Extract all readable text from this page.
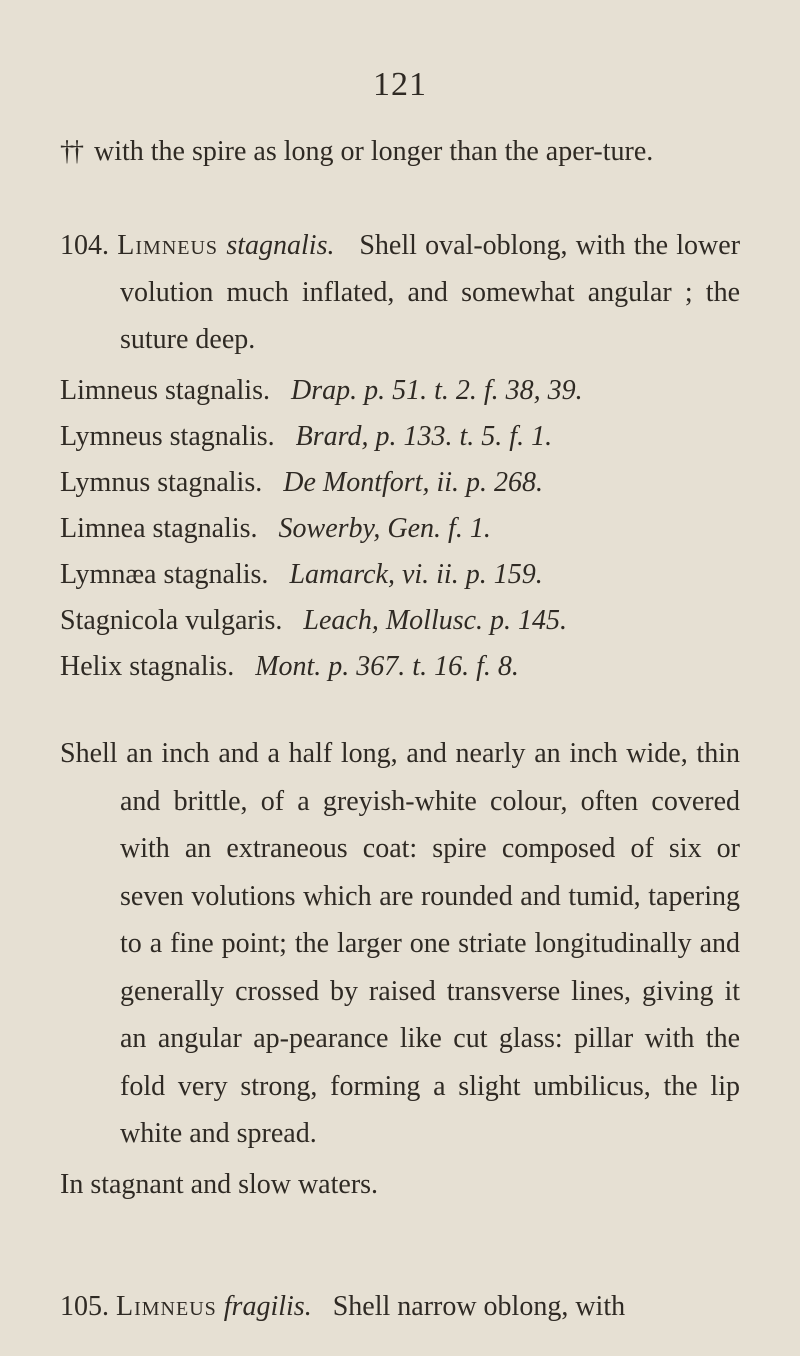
121

†† with the spire as long or longer than the aper-ture.

104. Limneus stagnalis. Shell oval-oblong, with the lower volution much inflated, and somewhat angular ; the suture deep.

Limneus stagnalis. Drap. p. 51. t. 2. f. 38, 39.
Lymneus stagnalis. Brard, p. 133. t. 5. f. 1.
Lymnus stagnalis. De Montfort, ii. p. 268.
Limnea stagnalis. Sowerby, Gen. f. 1.
Lymnæa stagnalis. Lamarck, vi. ii. p. 159.
Stagnicola vulgaris. Leach, Mollusc. p. 145.
Helix stagnalis. Mont. p. 367. t. 16. f. 8.

Shell an inch and a half long, and nearly an inch wide, thin and brittle, of a greyish-white colour, often covered with an extraneous coat: spire composed of six or seven volutions which are rounded and tumid, tapering to a fine point; the larger one striate longitudinally and generally crossed by raised transverse lines, giving it an angular ap-pearance like cut glass: pillar with the fold very strong, forming a slight umbilicus, the lip white and spread.

In stagnant and slow waters.
105. Limneus fragilis. Shell narrow oblong, with
